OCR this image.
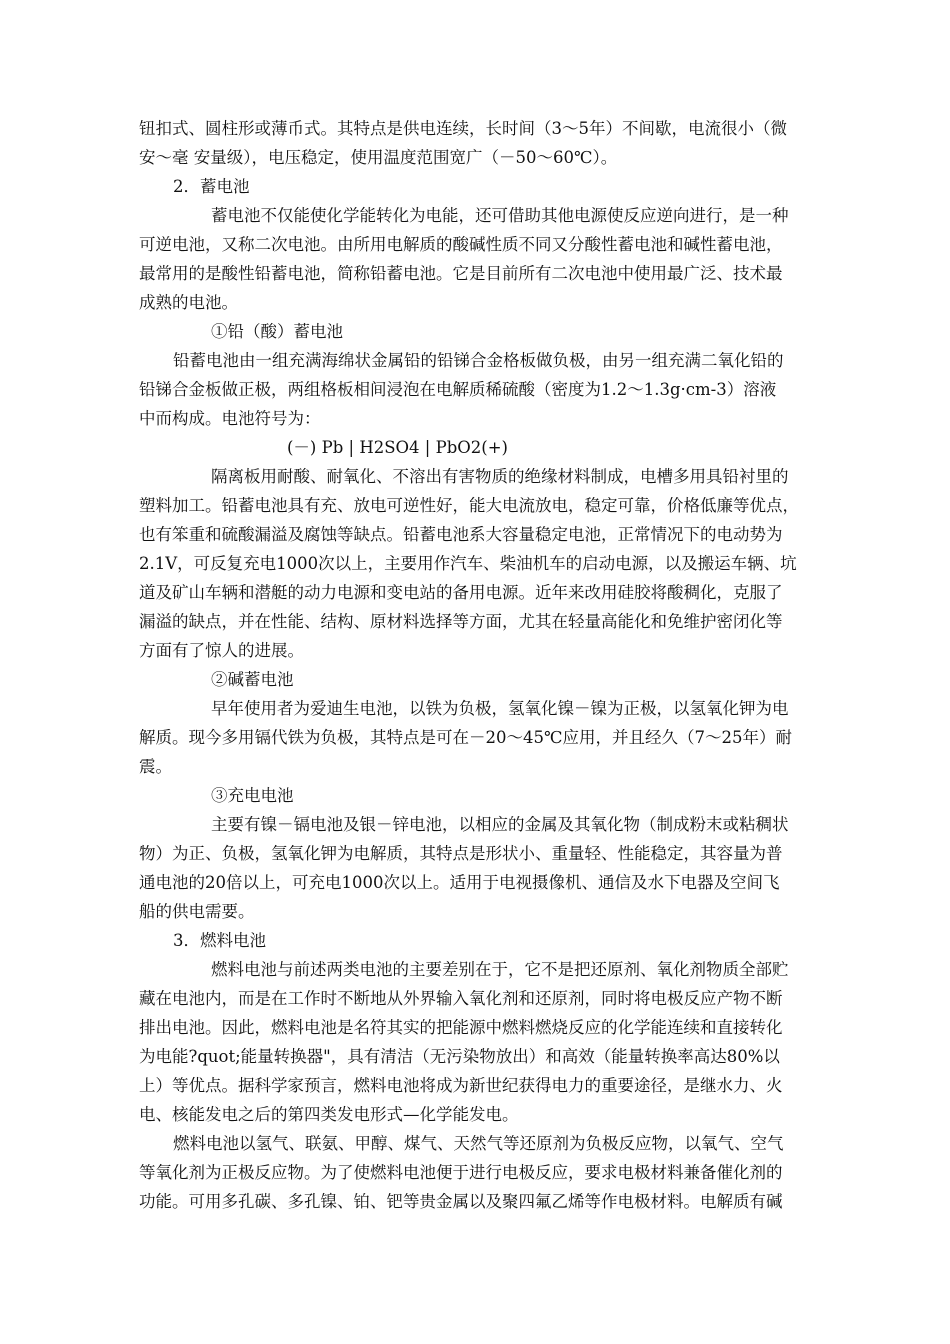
钮扣式、圆柱形或薄币式。其特点是供电连续，长时间（3～5年）不间歇，电流很小（微
安～毫 安量级），电压稳定，使用温度范围宽广（－50～60℃）。
2．蓄电池
蓄电池不仅能使化学能转化为电能，还可借助其他电源使反应逆向进行，是一种
可逆电池，又称二次电池。由所用电解质的酸碱性质不同又分酸性蓄电池和碱性蓄电池，
最常用的是酸性铅蓄电池，简称铅蓄电池。它是目前所有二次电池中使用最广泛、技术最
成熟的电池。
①铅（酸）蓄电池
铅蓄电池由一组充满海绵状金属铅的铅锑合金格板做负极，由另一组充满二氧化铅的
铅锑合金板做正极，两组格板相间浸泡在电解质稀硫酸（密度为1.2～1.3g·cm-3）溶液
中而构成。电池符号为：
(－) Pb | H2SO4 | PbO2(+)
隔离板用耐酸、耐氧化、不溶出有害物质的绝缘材料制成，电槽多用具铅衬里的
塑料加工。铅蓄电池具有充、放电可逆性好，能大电流放电，稳定可靠，价格低廉等优点，
也有笨重和硫酸漏溢及腐蚀等缺点。铅蓄电池系大容量稳定电池，正常情况下的电动势为
2.1V，可反复充电1000次以上，主要用作汽车、柴油机车的启动电源，以及搬运车辆、坑
道及矿山车辆和潜艇的动力电源和变电站的备用电源。近年来改用硅胶将酸稠化，克服了
漏溢的缺点，并在性能、结构、原材料选择等方面，尤其在轻量高能化和免维护密闭化等
方面有了惊人的进展。
②碱蓄电池
早年使用者为爱迪生电池，以铁为负极，氢氧化镍－镍为正极，以氢氧化钾为电
解质。现今多用镉代铁为负极，其特点是可在－20～45℃应用，并且经久（7～25年）耐
震。
③充电电池
主要有镍－镉电池及银－锌电池，以相应的金属及其氧化物（制成粉末或粘稠状
物）为正、负极，氢氧化钾为电解质，其特点是形状小、重量轻、性能稳定，其容量为普
通电池的20倍以上，可充电1000次以上。适用于电视摄像机、通信及水下电器及空间飞
船的供电需要。
3．燃料电池
燃料电池与前述两类电池的主要差别在于，它不是把还原剂、氧化剂物质全部贮
藏在电池内，而是在工作时不断地从外界输入氧化剂和还原剂，同时将电极反应产物不断
排出电池。因此，燃料电池是名符其实的把能源中燃料燃烧反应的化学能连续和直接转化
为电能?quot;能量转换器"，具有清洁（无污染物放出）和高效（能量转换率高达80%以
上）等优点。据科学家预言，燃料电池将成为新世纪获得电力的重要途径，是继水力、火
电、核能发电之后的第四类发电形式—化学能发电。
燃料电池以氢气、联氨、甲醇、煤气、天然气等还原剂为负极反应物，以氧气、空气
等氧化剂为正极反应物。为了使燃料电池便于进行电极反应，要求电极材料兼备催化剂的
功能。可用多孔碳、多孔镍、铂、钯等贵金属以及聚四氟乙烯等作电极材料。电解质有碱
